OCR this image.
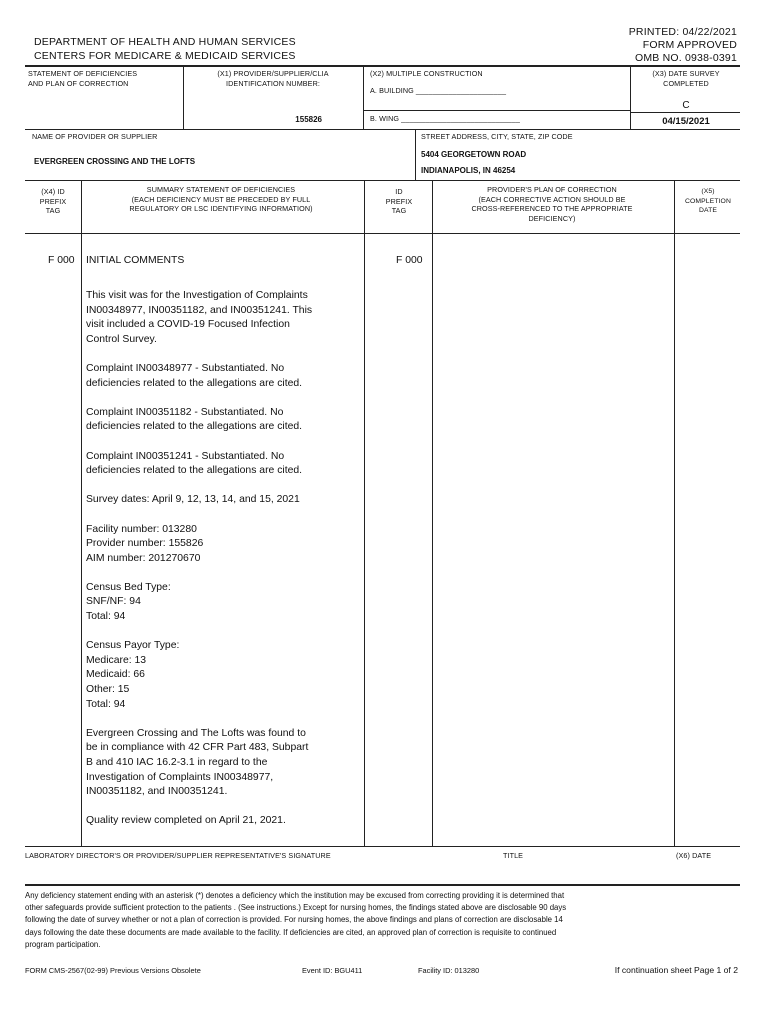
PRINTED: 04/22/2021
FORM APPROVED
OMB NO. 0938-0391
DEPARTMENT OF HEALTH AND HUMAN SERVICES
CENTERS FOR MEDICARE & MEDICAID SERVICES
STATEMENT OF DEFICIENCIES
AND PLAN OF CORRECTION
(X1) PROVIDER/SUPPLIER/CLIA
IDENTIFICATION NUMBER:
155826
(X2) MULTIPLE CONSTRUCTION
A. BUILDING ______________________
B. WING _____________________________
(X3) DATE SURVEY
COMPLETED
C
04/15/2021
NAME OF PROVIDER OR SUPPLIER
EVERGREEN CROSSING AND THE LOFTS
STREET ADDRESS, CITY, STATE, ZIP CODE
5404 GEORGETOWN ROAD
INDIANAPOLIS, IN 46254
(X4) ID
PREFIX
TAG
SUMMARY STATEMENT OF DEFICIENCIES
(EACH DEFICIENCY MUST BE PRECEDED BY FULL
REGULATORY OR LSC IDENTIFYING INFORMATION)
ID
PREFIX
TAG
PROVIDER'S PLAN OF CORRECTION
(EACH CORRECTIVE ACTION SHOULD BE
CROSS-REFERENCED TO THE APPROPRIATE
DEFICIENCY)
(X5)
COMPLETION
DATE
F 000	F 000
INITIAL COMMENTS
This visit was for the Investigation of Complaints
IN00348977, IN00351182, and IN00351241. This
visit included a COVID-19 Focused Infection
Control Survey.
Complaint IN00348977 - Substantiated. No
deficiencies related to the allegations are cited.
Complaint IN00351182 - Substantiated. No
deficiencies related to the allegations are cited.
Complaint IN00351241 - Substantiated. No
deficiencies related to the allegations are cited.
Survey dates: April 9, 12, 13, 14, and 15, 2021
Facility number: 013280
Provider number: 155826
AIM number: 201270670
Census Bed Type:
SNF/NF: 94
Total: 94
Census Payor Type:
Medicare: 13
Medicaid: 66
Other: 15
Total: 94
Evergreen Crossing and The Lofts was found to
be in compliance with 42 CFR Part 483, Subpart
B and 410 IAC 16.2-3.1 in regard to the
Investigation of Complaints IN00348977,
IN00351182, and IN00351241.
Quality review completed on April 21, 2021.
LABORATORY DIRECTOR'S OR PROVIDER/SUPPLIER REPRESENTATIVE'S SIGNATURE	TITLE	(X6) DATE
Any deficiency statement ending with an asterisk (*) denotes a deficiency which the institution may be excused from correcting providing it is determined that
other safeguards provide sufficient protection to the patients . (See instructions.) Except for nursing homes, the findings stated above are disclosable 90 days
following the date of survey whether or not a plan of correction is provided. For nursing homes, the above findings and plans of correction are disclosable 14
days following the date these documents are made available to the facility. If deficiencies are cited, an approved plan of correction is requisite to continued
program participation.
FORM CMS-2567(02-99) Previous Versions Obsolete	Event ID: BGU411	Facility ID: 013280	If continuation sheet Page 1 of 2
